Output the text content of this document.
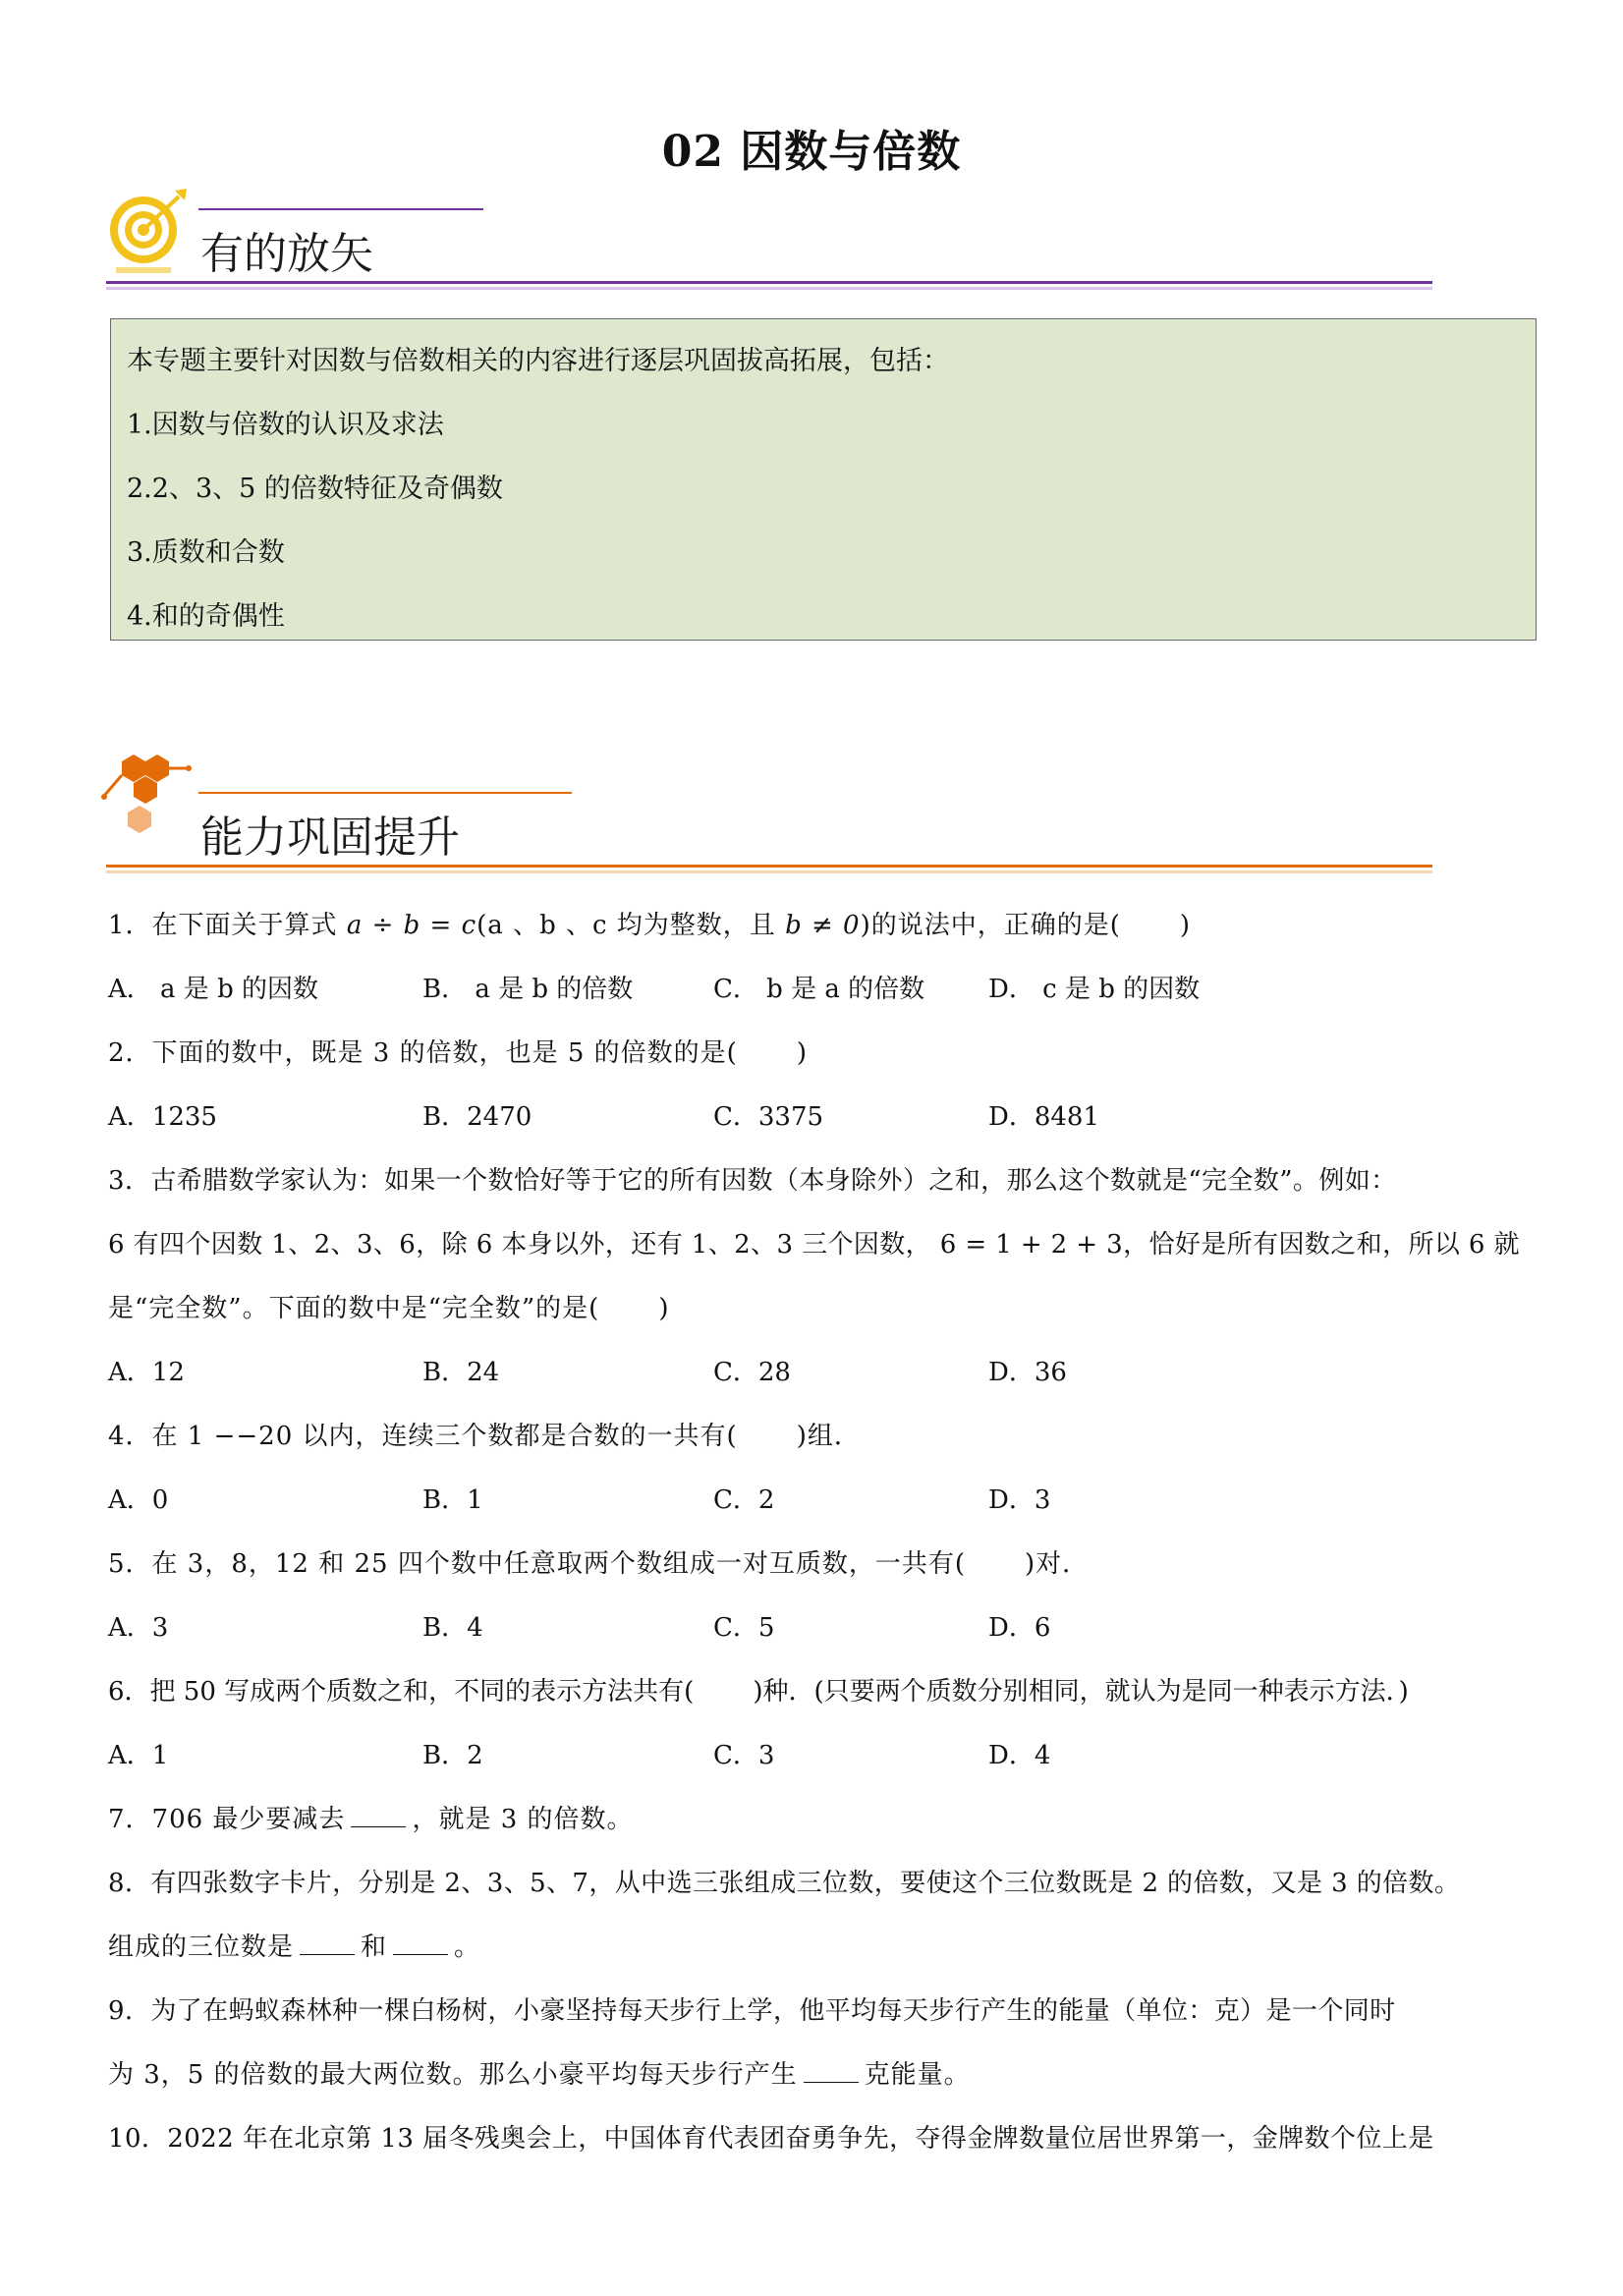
02 因数与倍数
有的放矢
本专题主要针对因数与倍数相关的内容进行逐层巩固拔高拓展，包括：
1.因数与倍数的认识及求法
2.2、3、5 的倍数特征及奇偶数
3.质数和合数
4.和的奇偶性
能力巩固提升
1．在下面关于算式 a ÷ b = c(a 、b 、c 均为整数，且 b ≠ 0)的说法中，正确的是( )
A． a 是 b 的因数	B． a 是 b 的倍数	C． b 是 a 的倍数 D． c 是 b 的因数
2．下面的数中，既是 3 的倍数，也是 5 的倍数的是( )
A．1235	B．2470	C．3375	D．8481
3．古希腊数学家认为：如果一个数恰好等于它的所有因数（本身除外）之和，那么这个数就是“完全数”。例如：
6 有四个因数 1、2、3、6，除 6 本身以外，还有 1、2、3 三个因数， 6 = 1 + 2 + 3，恰好是所有因数之和，所以 6 就
是“完全数”。下面的数中是“完全数”的是( )
A．12	B．24	C．28	D．36
4．在 1 −−20 以内，连续三个数都是合数的一共有( )组．
A．0	B．1	C．2	D．3
5．在 3，8，12 和 25 四个数中任意取两个数组成一对互质数，一共有( )对．
A．3	B．4	C．5	D．6
6．把 50 写成两个质数之和，不同的表示方法共有( )种．(只要两个质数分别相同，就认为是同一种表示方法．)
A．1	B．2	C．3	D．4
7．706 最少要减去	，就是 3 的倍数。
8．有四张数字卡片，分别是 2、3、5、7，从中选三张组成三位数，要使这个三位数既是 2 的倍数，又是 3 的倍数。
组成的三位数是	和	。
9．为了在蚂蚁森林种一棵白杨树，小豪坚持每天步行上学，他平均每天步行产生的能量（单位：克）是一个同时
为 3，5 的倍数的最大两位数。那么小豪平均每天步行产生	克能量。
10．2022 年在北京第 13 届冬残奥会上，中国体育代表团奋勇争先，夺得金牌数量位居世界第一，金牌数个位上是
